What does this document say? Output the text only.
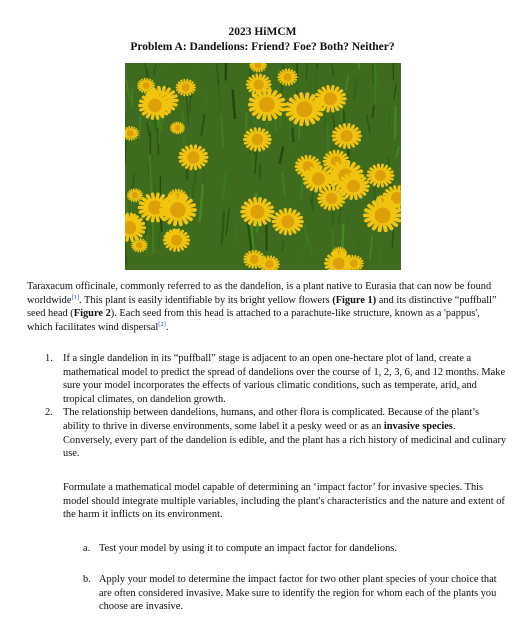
2023 HiMCM
Problem A: Dandelions: Friend? Foe? Both? Neither?
Taraxacum officinale, commonly referred to as the dandelion, is a plant native to Eurasia that can now be found worldwide[1]. This plant is easily identifiable by its bright yellow flowers (Figure 1) and its distinctive “puffball” seed head (Figure 2). Each seed from this head is attached to a parachute-like structure, known as a 'pappus', which facilitates wind dispersal[2].
1. If a single dandelion in its “puffball” stage is adjacent to an open one-hectare plot of land, create a mathematical model to predict the spread of dandelions over the course of 1, 2, 3, 6, and 12 months. Make sure your model incorporates the effects of various climatic conditions, such as temperate, arid, and tropical climates, on dandelion growth.
2. The relationship between dandelions, humans, and other flora is complicated. Because of the plant’s ability to thrive in diverse environments, some label it a pesky weed or as an invasive species. Conversely, every part of the dandelion is edible, and the plant has a rich history of medicinal and culinary use.
Formulate a mathematical model capable of determining an ‘impact factor’ for invasive species. This model should integrate multiple variables, including the plant's characteristics and the nature and extent of the harm it inflicts on its environment.
a. Test your model by using it to compute an impact factor for dandelions.
b. Apply your model to determine the impact factor for two other plant species of your choice that are often considered invasive. Make sure to identify the region for whom each of the plants you choose are invasive.
